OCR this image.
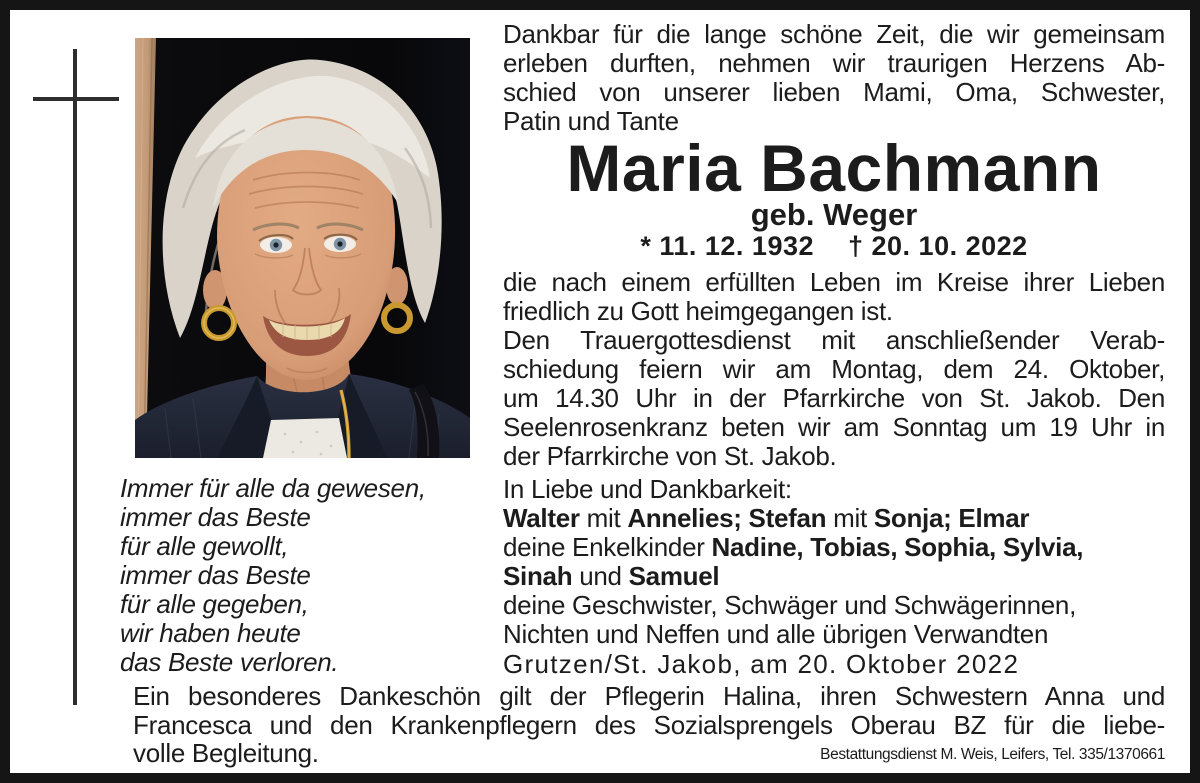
Immer für alle da gewesen,
immer das Beste
für alle gewollt,
immer das Beste
für alle gegeben,
wir haben heute
das Beste verloren.
Dankbar für die lange schöne Zeit, die wir gemeinsam
erleben durften, nehmen wir traurigen Herzens Ab-
schied von unserer lieben Mami, Oma, Schwester,
Patin und Tante
Maria Bachmann
geb. Weger
* 11. 12. 1932 † 20. 10. 2022
die nach einem erfüllten Leben im Kreise ihrer Lieben
friedlich zu Gott heimgegangen ist.
Den Trauergottesdienst mit anschließender Verab-
schiedung feiern wir am Montag, dem 24. Oktober,
um 14.30 Uhr in der Pfarrkirche von St. Jakob. Den
Seelenrosenkranz beten wir am Sonntag um 19 Uhr in
der Pfarrkirche von St. Jakob.
In Liebe und Dankbarkeit:
Walter mit Annelies; Stefan mit Sonja; Elmar
deine Enkelkinder Nadine, Tobias, Sophia, Sylvia,
Sinah und Samuel
deine Geschwister, Schwäger und Schwägerinnen,
Nichten und Neffen und alle übrigen Verwandten
Grutzen/St. Jakob, am 20. Oktober 2022
Ein besonderes Dankeschön gilt der Pflegerin Halina, ihren Schwestern Anna und
Francesca und den Krankenpflegern des Sozialsprengels Oberau BZ für die liebe-
volle Begleitung.	Bestattungsdienst M. Weis, Leifers, Tel. 335/1370661
